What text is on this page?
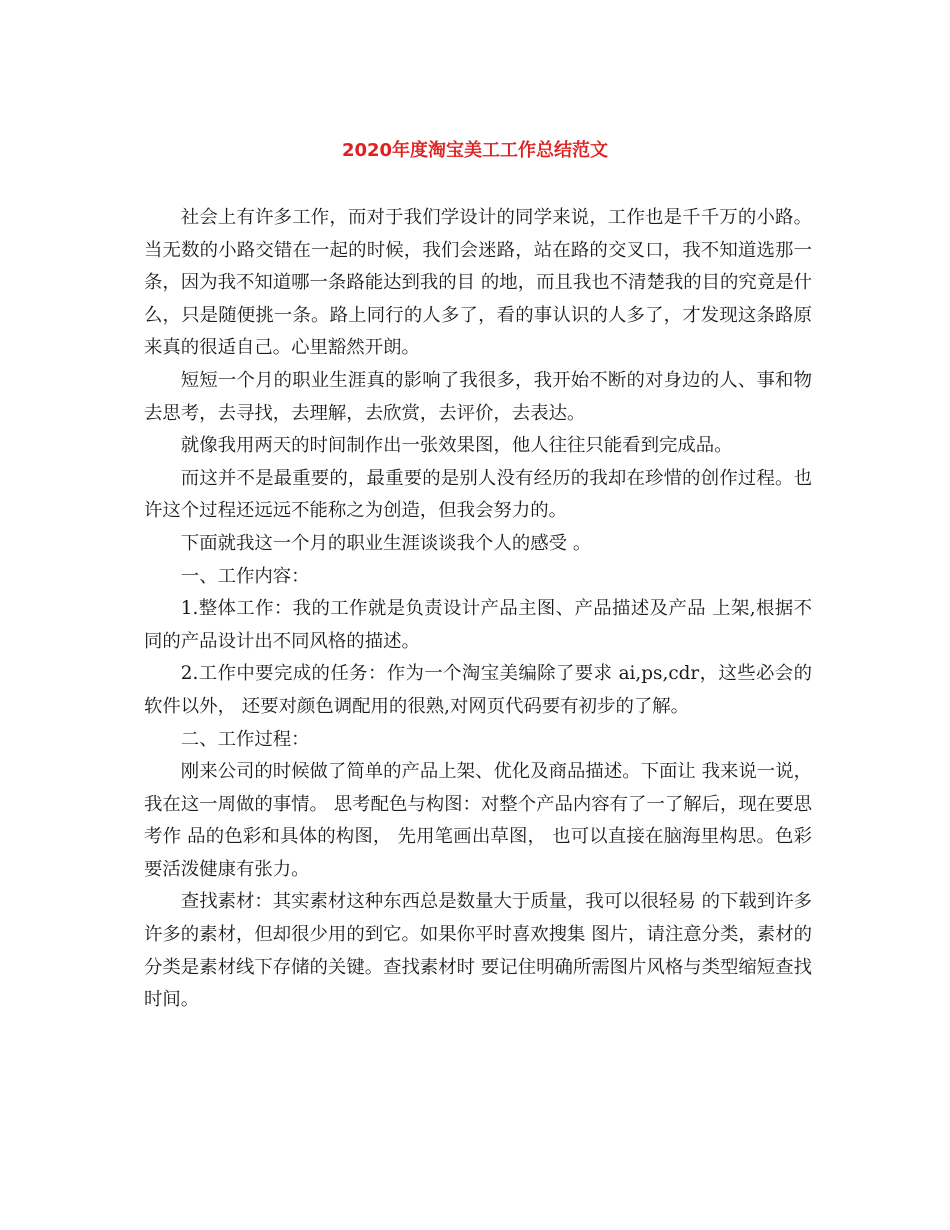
2020年度淘宝美工工作总结范文

社会上有许多工作，而对于我们学设计的同学来说，工作也是千千万的小路。当无数的小路交错在一起的时候，我们会迷路，站在路的交叉口，我不知道选那一条，因为我不知道哪一条路能达到我的目 的地，而且我也不清楚我的目的究竟是什么，只是随便挑一条。路上同行的人多了，看的事认识的人多了，才发现这条路原来真的很适自己。心里豁然开朗。

短短一个月的职业生涯真的影响了我很多，我开始不断的对身边的人、事和物去思考，去寻找，去理解，去欣赏，去评价，去表达。

就像我用两天的时间制作出一张效果图，他人往往只能看到完成品。

而这并不是最重要的，最重要的是别人没有经历的我却在珍惜的创作过程。也许这个过程还远远不能称之为创造，但我会努力的。

下面就我这一个月的职业生涯谈谈我个人的感受 。

一、工作内容：

1.整体工作：我的工作就是负责设计产品主图、产品描述及产品 上架,根据不同的产品设计出不同风格的描述。

2.工作中要完成的任务：作为一个淘宝美编除了要求 ai,ps,cdr，这些必会的软件以外， 还要对颜色调配用的很熟,对网页代码要有初步的了解。

二、工作过程：

刚来公司的时候做了简单的产品上架、优化及商品描述。下面让 我来说一说，我在这一周做的事情。 思考配色与构图：对整个产品内容有了一了解后，现在要思考作 品的色彩和具体的构图， 先用笔画出草图， 也可以直接在脑海里构思。色彩要活泼健康有张力。

查找素材：其实素材这种东西总是数量大于质量，我可以很轻易 的下载到许多许多的素材，但却很少用的到它。如果你平时喜欢搜集 图片，请注意分类，素材的分类是素材线下存储的关键。查找素材时 要记住明确所需图片风格与类型缩短查找时间。
